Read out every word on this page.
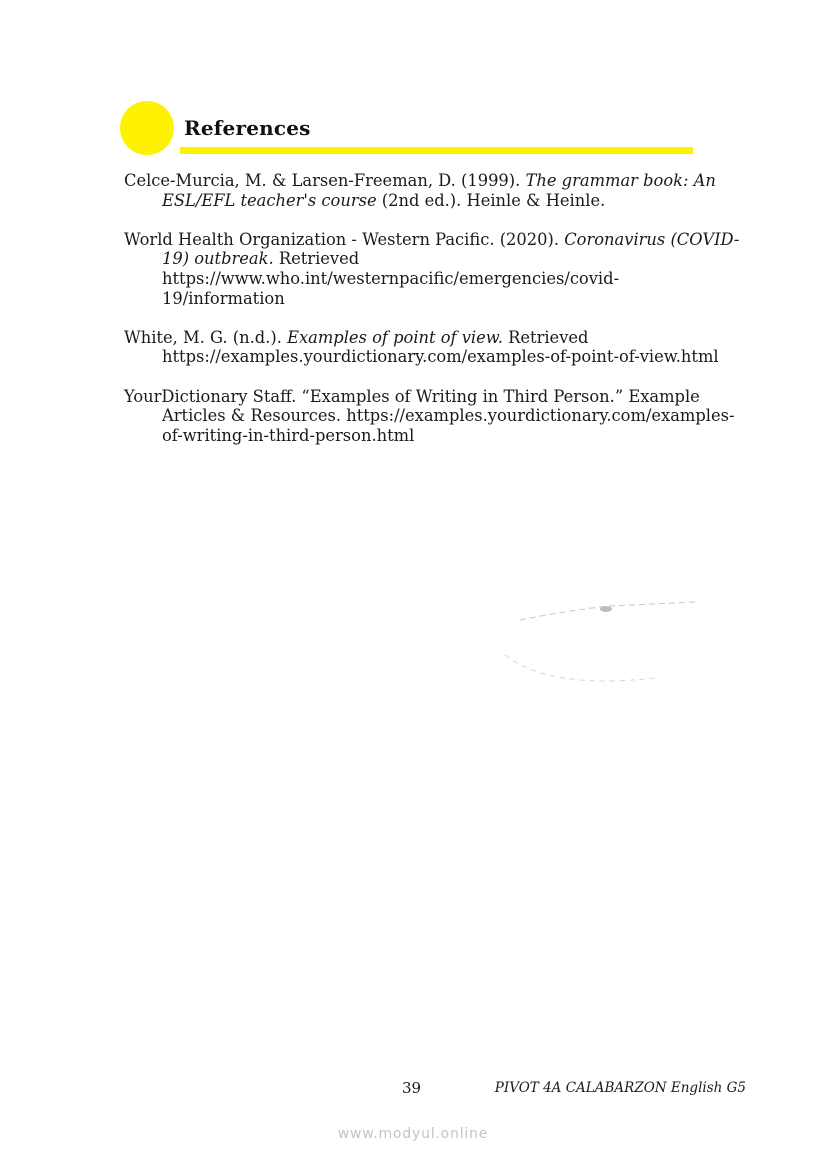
References

Celce-Murcia, M. & Larsen-Freeman, D. (1999). The grammar book: An ESL/EFL teacher's course (2nd ed.). Heinle & Heinle.

World Health Organization - Western Pacific. (2020). Coronavirus (COVID-19) outbreak. Retrieved https://www.who.int/westernpacific/emergencies/covid-19/information

White, M. G. (n.d.). Examples of point of view. Retrieved https://examples.yourdictionary.com/examples-of-point-of-view.html

YourDictionary Staff. “Examples of Writing in Third Person.” Example Articles & Resources. https://examples.yourdictionary.com/examples-of-writing-in-third-person.html

39	PIVOT 4A CALABARZON English G5
www.modyul.online
